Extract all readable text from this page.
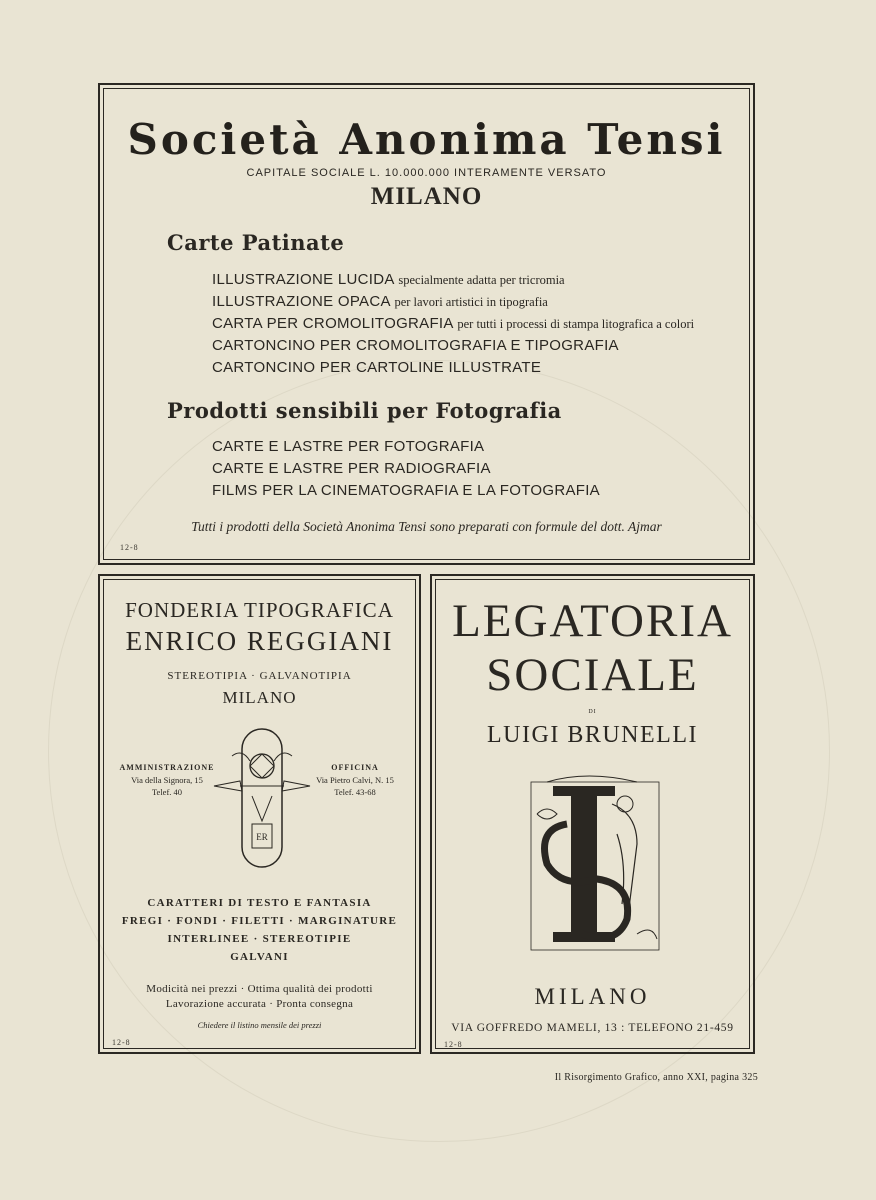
Società Anonima Tensi
CAPITALE SOCIALE L. 10.000.000 INTERAMENTE VERSATO
MILANO
Carte Patinate
ILLUSTRAZIONE LUCIDA specialmente adatta per tricromia
ILLUSTRAZIONE OPACA per lavori artistici in tipografia
CARTA PER CROMOLITOGRAFIA per tutti i processi di stampa litografica a colori
CARTONCINO PER CROMOLITOGRAFIA E TIPOGRAFIA
CARTONCINO PER CARTOLINE ILLUSTRATE
Prodotti sensibili per Fotografia
CARTE E LASTRE PER FOTOGRAFIA
CARTE E LASTRE PER RADIOGRAFIA
FILMS PER LA CINEMATOGRAFIA E LA FOTOGRAFIA
Tutti i prodotti della Società Anonima Tensi sono preparati con formule del dott. Ajmar
12-8
FONDERIA TIPOGRAFICA
ENRICO REGGIANI
STEREOTIPIA · GALVANOTIPIA
MILANO
AMMINISTRAZIONE
Via della Signora, 15
Telef. 40
OFFICINA
Via Pietro Calvi, N. 15
Telef. 43-68
ER
CARATTERI DI TESTO E FANTASIA
FREGI · FONDI · FILETTI · MARGINATURE
INTERLINEE · STEREOTIPIE
GALVANI
Modicità nei prezzi · Ottima qualità dei prodotti
Lavorazione accurata · Pronta consegna
Chiedere il listino mensile dei prezzi
12-8
LEGATORIA
SOCIALE
DI
LUIGI BRUNELLI
MILANO
VIA GOFFREDO MAMELI, 13 : TELEFONO 21-459
12-8
Il Risorgimento Grafico, anno XXI, pagina 325
